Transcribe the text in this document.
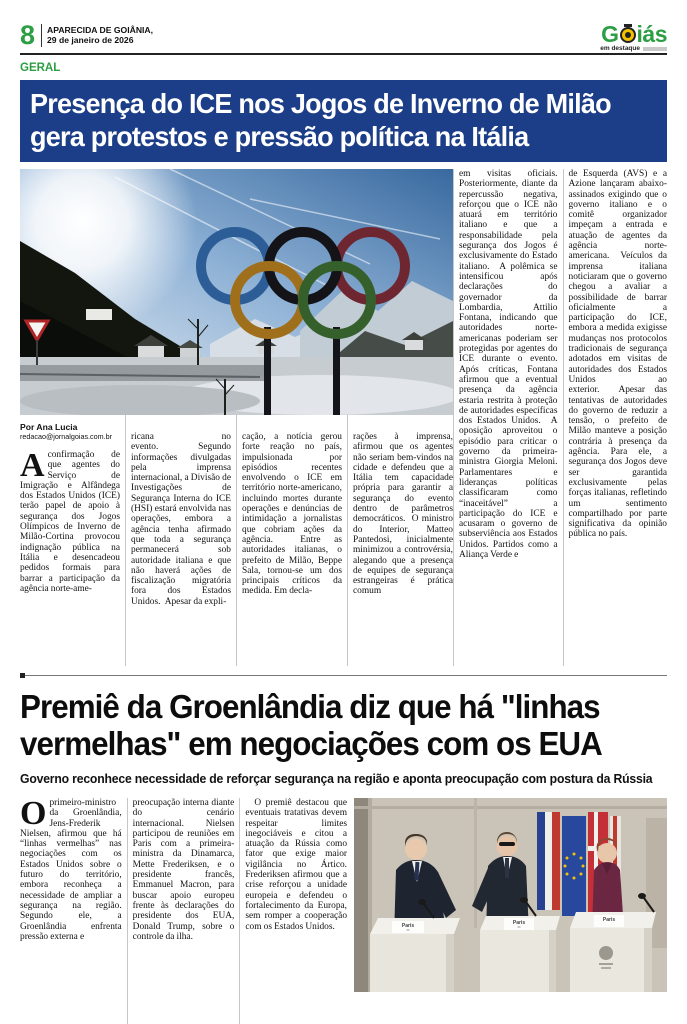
8 APARECIDA DE GOIÂNIA,
29 de janeiro de 2026	G iás
em destaque
GERAL
Presença do ICE nos Jogos de Inverno de Milão
gera protestos e pressão política na Itália
Por Ana Lucia
redacao@jornalgoias.com.br

Aconfirmação de que agentes do Serviço de Imigração e Alfândega dos Estados Unidos (ICE) terão papel de apoio à segurança dos Jogos Olímpicos de Inverno de Milão-Cortina provocou indignação pública na Itália e desencadeou pedidos formais para barrar a participação da agência norte-ame-

ricana no evento.  Segundo informações divulgadas pela imprensa internacional, a Divisão de Investigações de Segurança Interna do ICE (HSI) estará envolvida nas operações, embora a agência tenha afirmado que toda a segurança permanecerá sob autoridade italiana e que não haverá ações de fiscalização migratória fora dos Estados Unidos.  Apesar da expli-

cação, a notícia gerou forte reação no país, impulsionada por episódios recentes envolvendo o ICE em território norte-americano, incluindo mortes durante operações e denúncias de intimidação a jornalistas que cobriam ações da agência.  Entre as autoridades italianas, o prefeito de Milão, Beppe Sala, tornou-se um dos principais críticos da medida. Em decla-

rações à imprensa, afirmou que os agentes não seriam bem-vindos na cidade e defendeu que a Itália tem capacidade própria para garantir a segurança do evento dentro de parâmetros democráticos.  O ministro do Interior, Matteo Pantedosi, inicialmente minimizou a controvérsia, alegando que a presença de equipes de segurança estrangeiras é prática comum

em visitas oficiais. Posteriormente, diante da repercussão negativa, reforçou que o ICE não atuará em território italiano e que a responsabilidade pela segurança dos Jogos é exclusivamente do Estado italiano.  A polêmica se intensificou após declarações do governador da Lombardia, Attilio Fontana, indicando que autoridades norte-americanas poderiam ser protegidas por agentes do ICE durante o evento. Após críticas, Fontana afirmou que a eventual presença da agência estaria restrita à proteção de autoridades específicas dos Estados Unidos.  A oposição aproveitou o episódio para criticar o governo da primeira-ministra Giorgia Meloni. Parlamentares e lideranças políticas classificaram como “inaceitável” a participação do ICE e acusaram o governo de subserviência aos Estados Unidos. Partidos como a Aliança Verde e

de Esquerda (AVS) e a Azione lançaram abaixo-assinados exigindo que o governo italiano e o comitê organizador impeçam a entrada e atuação de agentes da agência norte-americana.  Veículos da imprensa italiana noticiaram que o governo chegou a avaliar a possibilidade de barrar oficialmente a participação do ICE, embora a medida exigisse mudanças nos protocolos tradicionais de segurança adotados em visitas de autoridades dos Estados Unidos ao exterior.  Apesar das tentativas de autoridades do governo de reduzir a tensão, o prefeito de Milão manteve a posição contrária à presença da agência. Para ele, a segurança dos Jogos deve ser garantida exclusivamente pelas forças italianas, refletindo um sentimento compartilhado por parte significativa da opinião pública no país.

Premiê da Groenlândia diz que há "linhas
vermelhas" em negociações com os EUA
Governo reconhece necessidade de reforçar segurança na região e aponta preocupação com postura da Rússia

Oprimeiro-ministro da Groenlândia, Jens-Frederik Nielsen, afirmou que há “linhas vermelhas” nas negociações com os Estados Unidos sobre o futuro do território, embora reconheça a necessidade de ampliar a segurança na região. Segundo ele, a Groenlândia enfrenta pressão externa e

preocupação interna diante do cenário internacional.  Nielsen participou de reuniões em Paris com a primeira-ministra da Dinamarca, Mette Frederiksen, e o presidente francês, Emmanuel Macron, para buscar apoio europeu frente às declarações do presidente dos EUA, Donald Trump, sobre o controle da ilha.

O premiê destacou que eventuais tratativas devem respeitar limites inegociáveis e citou a atuação da Rússia como fator que exige maior vigilância no Ártico. Frederiksen afirmou que a crise reforçou a unidade europeia e defendeu o fortalecimento da Europa, sem romper a cooperação com os Estados Unidos.	Paris	Paris	Paris
